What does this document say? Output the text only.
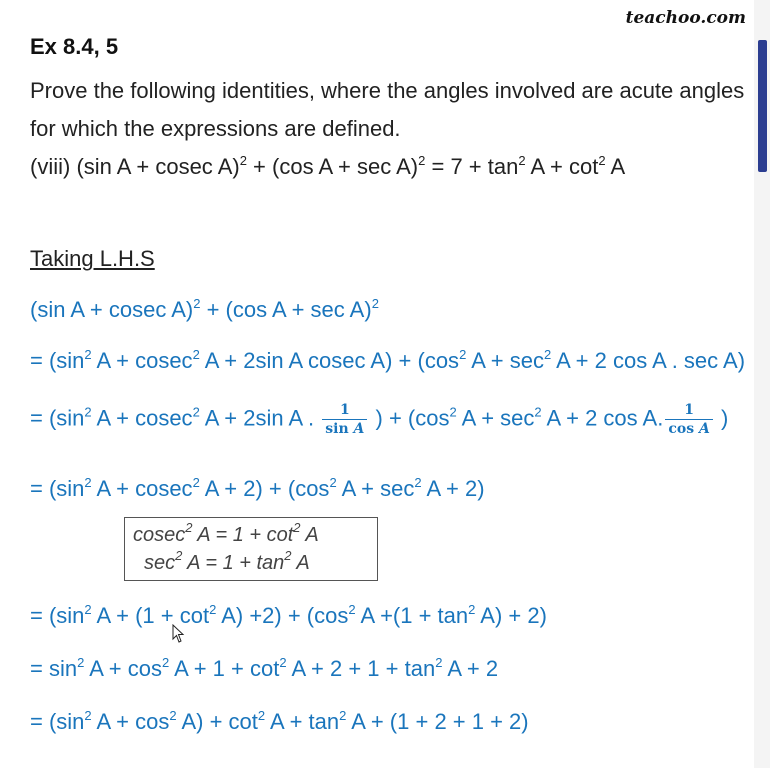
teachoo.com
Ex 8.4, 5
Prove the following identities, where the angles involved are acute angles for which the expressions are defined.
(viii) (sin A + cosec A)$^2$ + (cos $A + \sec A)^2 = 7 + \tan^2 A + \cot^2 A$
Taking L.H.S
(sin A + cosec A)$^2$ + (cos A + sec A)$^2$
= ($\sin^2$ A + cosec$^2$ A + 2sin A cosec $A) + (\cos^2$ $A + \sec^2 A + 2$ cos A . sec A)
= ($\sin^2$ A + cosec$^2$ A + 2sin A . $\frac{1}{\text{sin A}}$ ) + ($\cos^2$ $A + \sec^2 A + 2$ cos A. $\frac{1}{\text{cos A}}$ )
= ($\sin^2$ A + cosec$^2$ $A + 2) + (\cos^2$ $A + \sec^2 A + 2$)
cosec$^2$ $A = 1 + \cot^2 A$
$\sec^2 A = 1 + \tan^2 A$
= ($\sin^2$ $A + (1 + \cot^2 A) +2) + (\cos^2$ $A +(1 + \tan^2 A) + 2$)
= $\sin^2 A + \cos^2 A + 1 + \cot^2 A + 2 + 1 + \tan^2 A + 2$
= ($\sin^2$ $A + \cos^2 A) + \cot^2 A + \tan^2 A + (1 + 2 + 1 + 2)$
